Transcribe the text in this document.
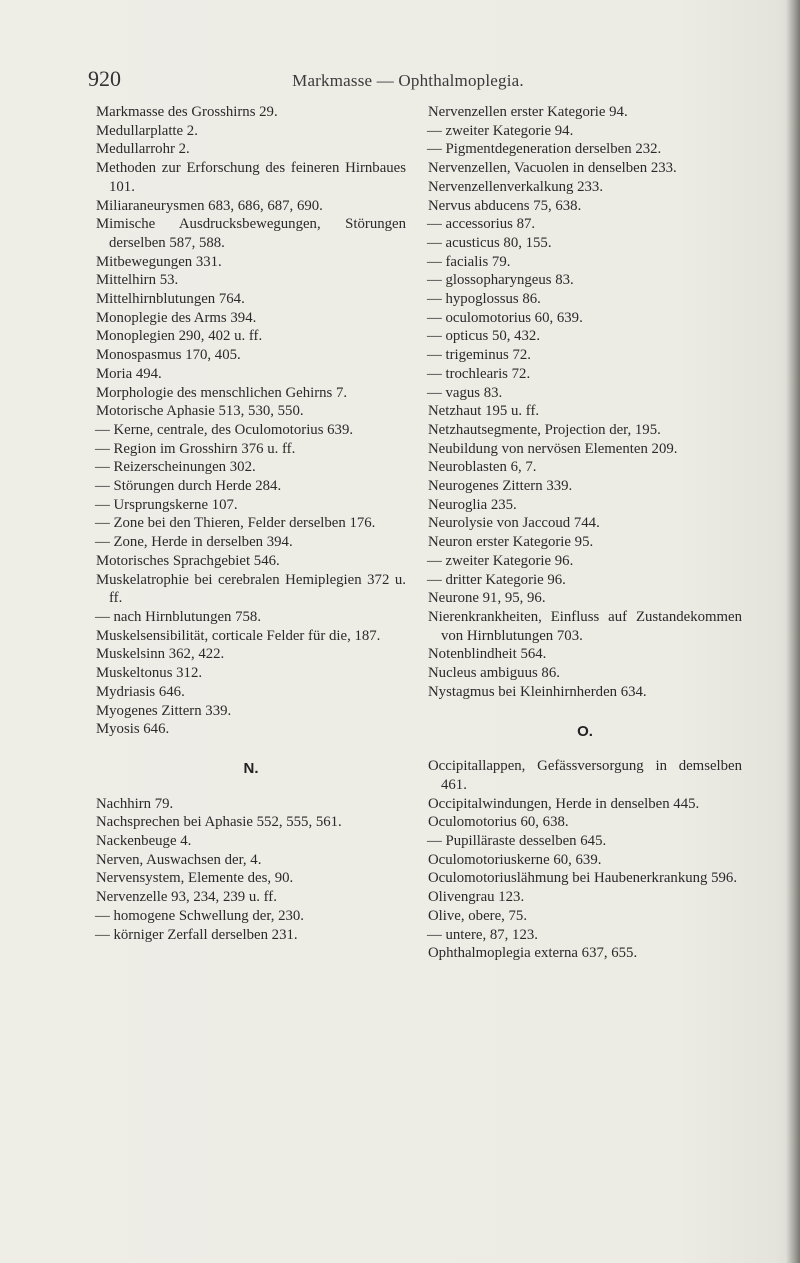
920	Markmasse — Ophthalmoplegia.
Markmasse des Grosshirns 29.
Medullarplatte 2.
Medullarrohr 2.
Methoden zur Erforschung des feineren Hirnbaues 101.
Miliaraneurysmen 683, 686, 687, 690.
Mimische Ausdrucksbewegungen, Störungen derselben 587, 588.
Mitbewegungen 331.
Mittelhirn 53.
Mittelhirnblutungen 764.
Monoplegie des Arms 394.
Monoplegien 290, 402 u. ff.
Monospasmus 170, 405.
Moria 494.
Morphologie des menschlichen Gehirns 7.
Motorische Aphasie 513, 530, 550.
— Kerne, centrale, des Oculomotorius 639.
— Region im Grosshirn 376 u. ff.
— Reizerscheinungen 302.
— Störungen durch Herde 284.
— Ursprungskerne 107.
— Zone bei den Thieren, Felder derselben 176.
— Zone, Herde in derselben 394.
Motorisches Sprachgebiet 546.
Muskelatrophie bei cerebralen Hemiplegien 372 u. ff.
— nach Hirnblutungen 758.
Muskelsensibilität, corticale Felder für die, 187.
Muskelsinn 362, 422.
Muskeltonus 312.
Mydriasis 646.
Myogenes Zittern 339.
Myosis 646.
N.
Nachhirn 79.
Nachsprechen bei Aphasie 552, 555, 561.
Nackenbeuge 4.
Nerven, Auswachsen der, 4.
Nervensystem, Elemente des, 90.
Nervenzelle 93, 234, 239 u. ff.
— homogene Schwellung der, 230.
— körniger Zerfall derselben 231.
Nervenzellen erster Kategorie 94.
— zweiter Kategorie 94.
— Pigmentdegeneration derselben 232.
Nervenzellen, Vacuolen in denselben 233.
Nervenzellenverkalkung 233.
Nervus abducens 75, 638.
— accessorius 87.
— acusticus 80, 155.
— facialis 79.
— glossopharyngeus 83.
— hypoglossus 86.
— oculomotorius 60, 639.
— opticus 50, 432.
— trigeminus 72.
— trochlearis 72.
— vagus 83.
Netzhaut 195 u. ff.
Netzhautsegmente, Projection der, 195.
Neubildung von nervösen Elementen 209.
Neuroblasten 6, 7.
Neurogenes Zittern 339.
Neuroglia 235.
Neurolysie von Jaccoud 744.
Neuron erster Kategorie 95.
— zweiter Kategorie 96.
— dritter Kategorie 96.
Neurone 91, 95, 96.
Nierenkrankheiten, Einfluss auf Zustandekommen von Hirnblutungen 703.
Notenblindheit 564.
Nucleus ambiguus 86.
Nystagmus bei Kleinhirnherden 634.
O.
Occipitallappen, Gefässversorgung in demselben 461.
Occipitalwindungen, Herde in denselben 445.
Oculomotorius 60, 638.
— Pupilläraste desselben 645.
Oculomotoriuskerne 60, 639.
Oculomotoriuslähmung bei Haubenerkrankung 596.
Olivengrau 123.
Olive, obere, 75.
— untere, 87, 123.
Ophthalmoplegia externa 637, 655.
